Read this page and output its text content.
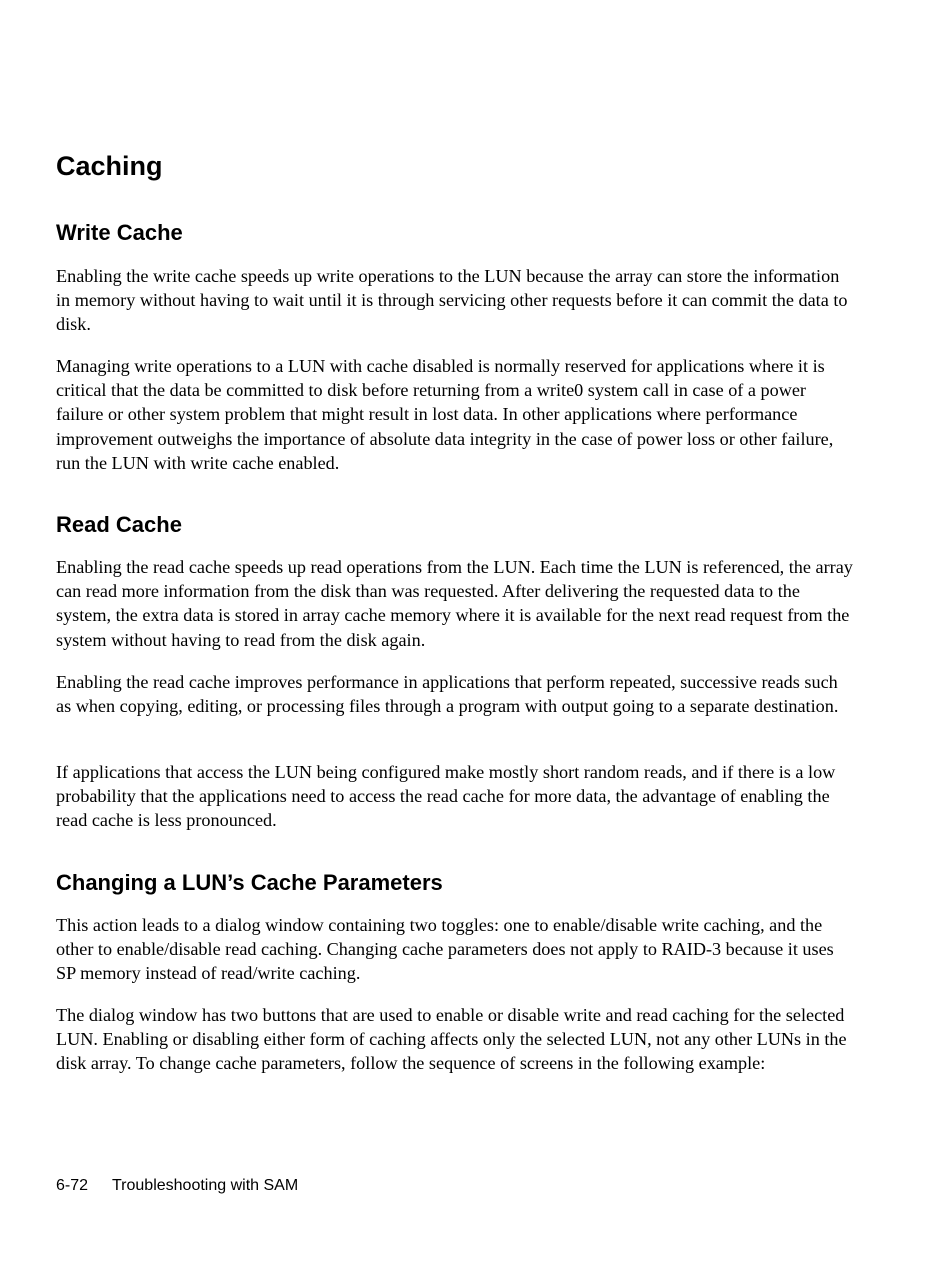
Caching
Write Cache

Enabling the write cache speeds up write operations to the LUN because the array can store the information in memory without having to wait until it is through servicing other requests before it can commit the data to disk.

Managing write operations to a LUN with cache disabled is normally reserved for applications where it is critical that the data be committed to disk before returning from a write0 system call in case of a power failure or other system problem that might result in lost data. In other applications where performance improvement outweighs the importance of absolute data integrity in the case of power loss or other failure, run the LUN with write cache enabled.

Read Cache

Enabling the read cache speeds up read operations from the LUN. Each time the LUN is referenced, the array can read more information from the disk than was requested. After delivering the requested data to the system, the extra data is stored in array cache memory where it is available for the next read request from the system without having to read from the disk again.

Enabling the read cache improves performance in applications that perform repeated, successive reads such as when copying, editing, or processing files through a program with output going to a separate destination.

If applications that access the LUN being configured make mostly short random reads, and if there is a low probability that the applications need to access the read cache for more data, the advantage of enabling the read cache is less pronounced.

Changing a LUN’s Cache Parameters

This action leads to a dialog window containing two toggles: one to enable/disable write caching, and the other to enable/disable read caching. Changing cache parameters does not apply to RAID-3 because it uses SP memory instead of read/write caching.

The dialog window has two buttons that are used to enable or disable write and read caching for the selected LUN. Enabling or disabling either form of caching affects only the selected LUN, not any other LUNs in the disk array. To change cache parameters, follow the sequence of screens in the following example:

6-72 Troubleshooting with SAM
